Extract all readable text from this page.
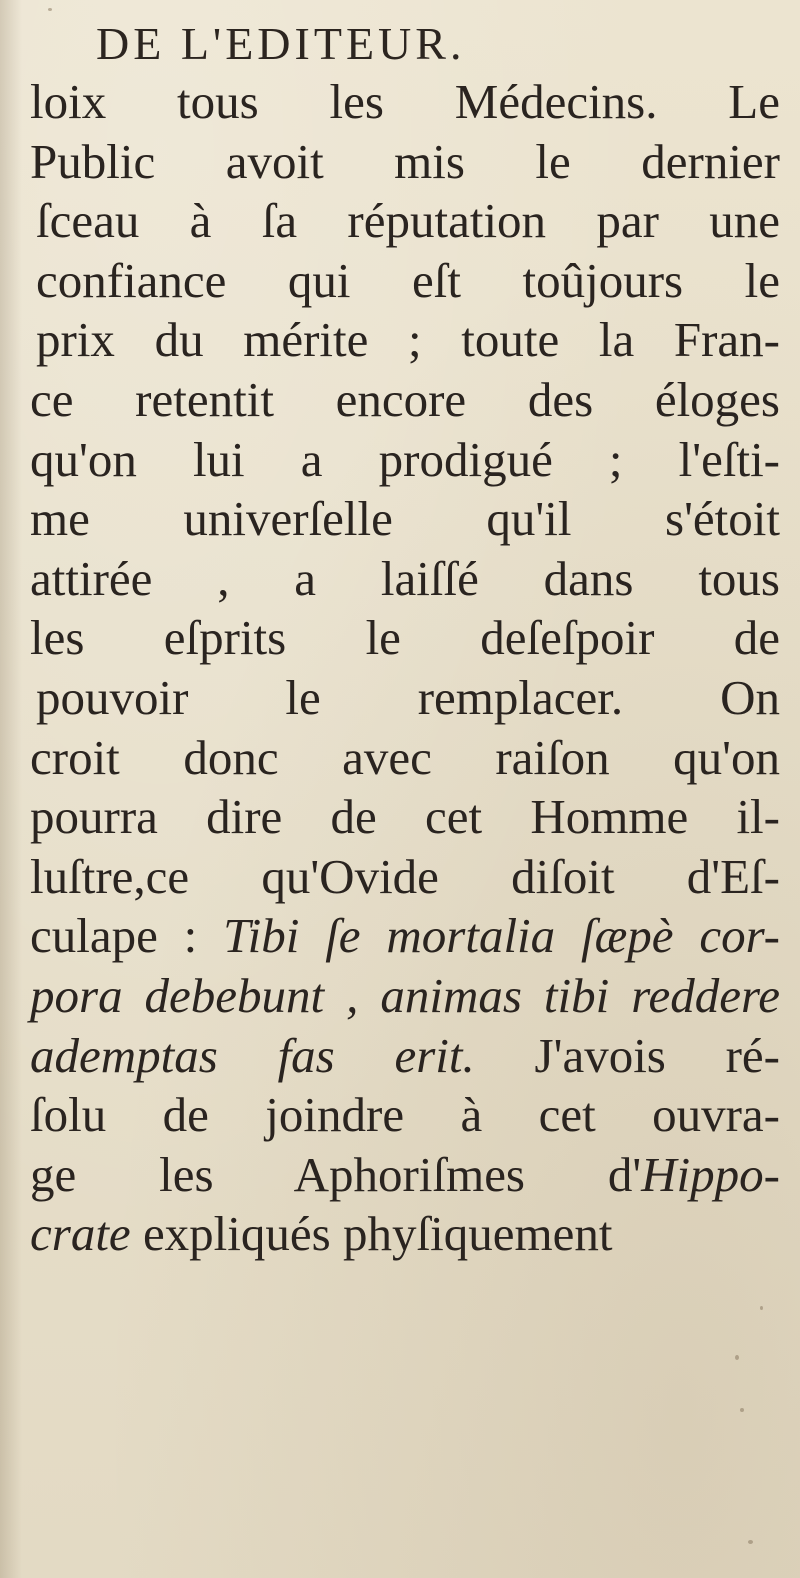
DE L'EDITEUR.
loix tous les Médecins. Le
Public avoit mis le dernier
ſceau à ſa réputation par une
confiance qui eſt toûjours le
prix du mérite ; toute la Fran-
ce retentit encore des éloges
qu'on lui a prodigué ; l'eſti-
me univerſelle qu'il s'étoit
attirée , a laiſſé dans tous
les eſprits le deſeſpoir de
pouvoir le remplacer. On
croit donc avec raiſon qu'on
pourra dire de cet Homme il-
luſtre,ce qu'Ovide diſoit d'Eſ-
culape : Tibi ſe mortalia ſæpè cor-
pora debebunt , animas tibi reddere
ademptas fas erit. J'avois ré-
ſolu de joindre à cet ouvra-
ge les Aphoriſmes d'Hippo-
crate expliqués phyſiquement
